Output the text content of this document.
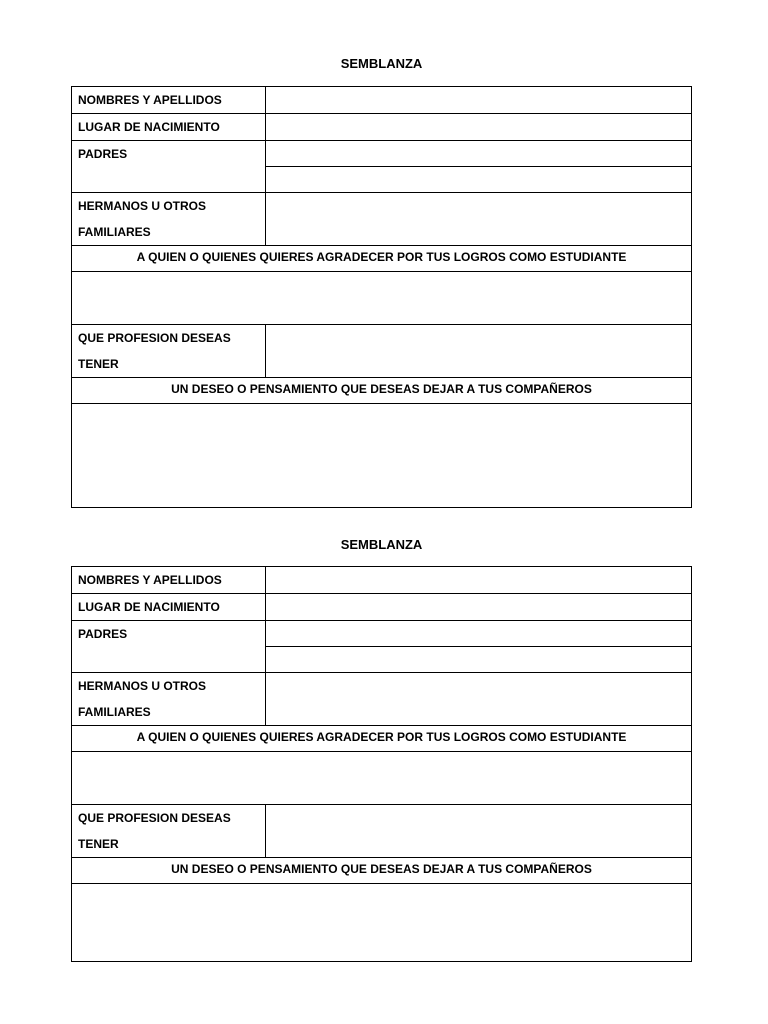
SEMBLANZA
NOMBRES Y APELLIDOS	
LUGAR DE NACIMIENTO	
PADRES	

HERMANOS U OTROS
FAMILIARES	

A QUIEN O QUIENES QUIERES AGRADECER POR TUS LOGROS COMO ESTUDIANTE	

QUE PROFESION DESEAS
TENER	

UN DESEO O PENSAMIENTO QUE DESEAS DEJAR A TUS COMPAÑEROS	

SEMBLANZA
NOMBRES Y APELLIDOS	
LUGAR DE NACIMIENTO	
PADRES	

HERMANOS U OTROS
FAMILIARES	

A QUIEN O QUIENES QUIERES AGRADECER POR TUS LOGROS COMO ESTUDIANTE	

QUE PROFESION DESEAS
TENER	

UN DESEO O PENSAMIENTO QUE DESEAS DEJAR A TUS COMPAÑEROS	
